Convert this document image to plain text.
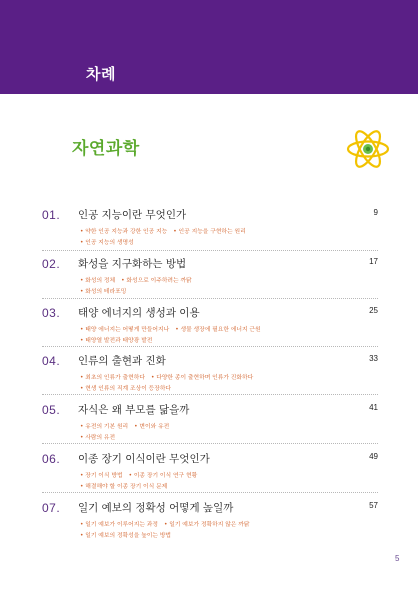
차례
자연과학
01. 인공 지능이란 무엇인가	9
• 약한 인공 지능과 강한 인공 지능 • 인공 지능을 구현하는 원리
• 인공 지능의 생명성
02. 화성을 지구화하는 방법	17
• 화성의 정체 • 화성으로 이주하려는 까닭
• 화성의 테라포밍
03. 태양 에너지의 생성과 이용	25
• 태양 에너지는 어떻게 만들어지나 • 생물 생장에 필요한 에너지 근원
• 태양열 발전과 태양광 발전
04. 인류의 출현과 진화	33
• 최초의 인류가 출현하다 • 다양한 종이 출현하며 인류가 진화하다
• 현생 인류의 직계 조상이 등장하다
05. 자식은 왜 부모를 닮을까	41
• 유전의 기본 원리 • 변이와 유전
• 사람의 유전
06. 이종 장기 이식이란 무엇인가	49
• 장기 이식 방법 • 이종 장기 이식 연구 현황
• 해결해야 할 이종 장기 이식 문제
07. 일기 예보의 정확성 어떻게 높일까	57
• 일기 예보가 이루어지는 과정 • 일기 예보가 정확하지 않은 까닭
• 일기 예보의 정확성을 높이는 방법
5
